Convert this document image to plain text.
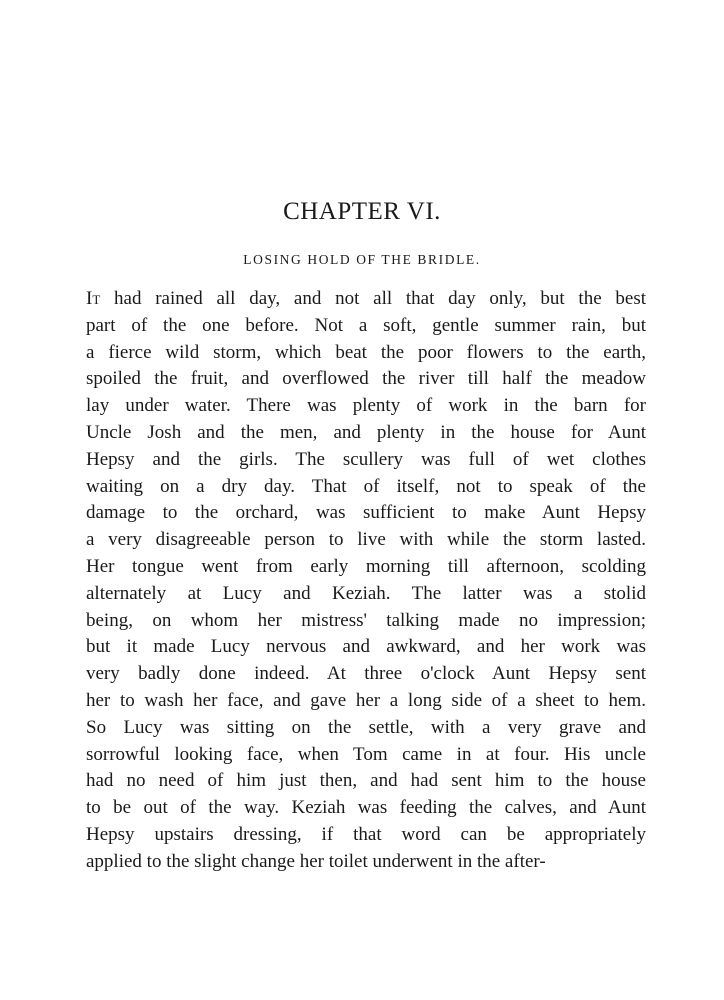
CHAPTER VI.
LOSING HOLD OF THE BRIDLE.
It had rained all day, and not all that day only, but the best
part of the one before. Not a soft, gentle summer rain, but
a fierce wild storm, which beat the poor flowers to the earth,
spoiled the fruit, and overflowed the river till half the meadow
lay under water. There was plenty of work in the barn for
Uncle Josh and the men, and plenty in the house for Aunt
Hepsy and the girls. The scullery was full of wet clothes
waiting on a dry day. That of itself, not to speak of the
damage to the orchard, was sufficient to make Aunt Hepsy
a very disagreeable person to live with while the storm lasted.
Her tongue went from early morning till afternoon, scolding
alternately at Lucy and Keziah. The latter was a stolid
being, on whom her mistress' talking made no impression;
but it made Lucy nervous and awkward, and her work was
very badly done indeed. At three o'clock Aunt Hepsy sent
her to wash her face, and gave her a long side of a sheet to hem.
So Lucy was sitting on the settle, with a very grave and
sorrowful looking face, when Tom came in at four. His uncle
had no need of him just then, and had sent him to the house
to be out of the way. Keziah was feeding the calves, and Aunt
Hepsy upstairs dressing, if that word can be appropriately
applied to the slight change her toilet underwent in the after-
